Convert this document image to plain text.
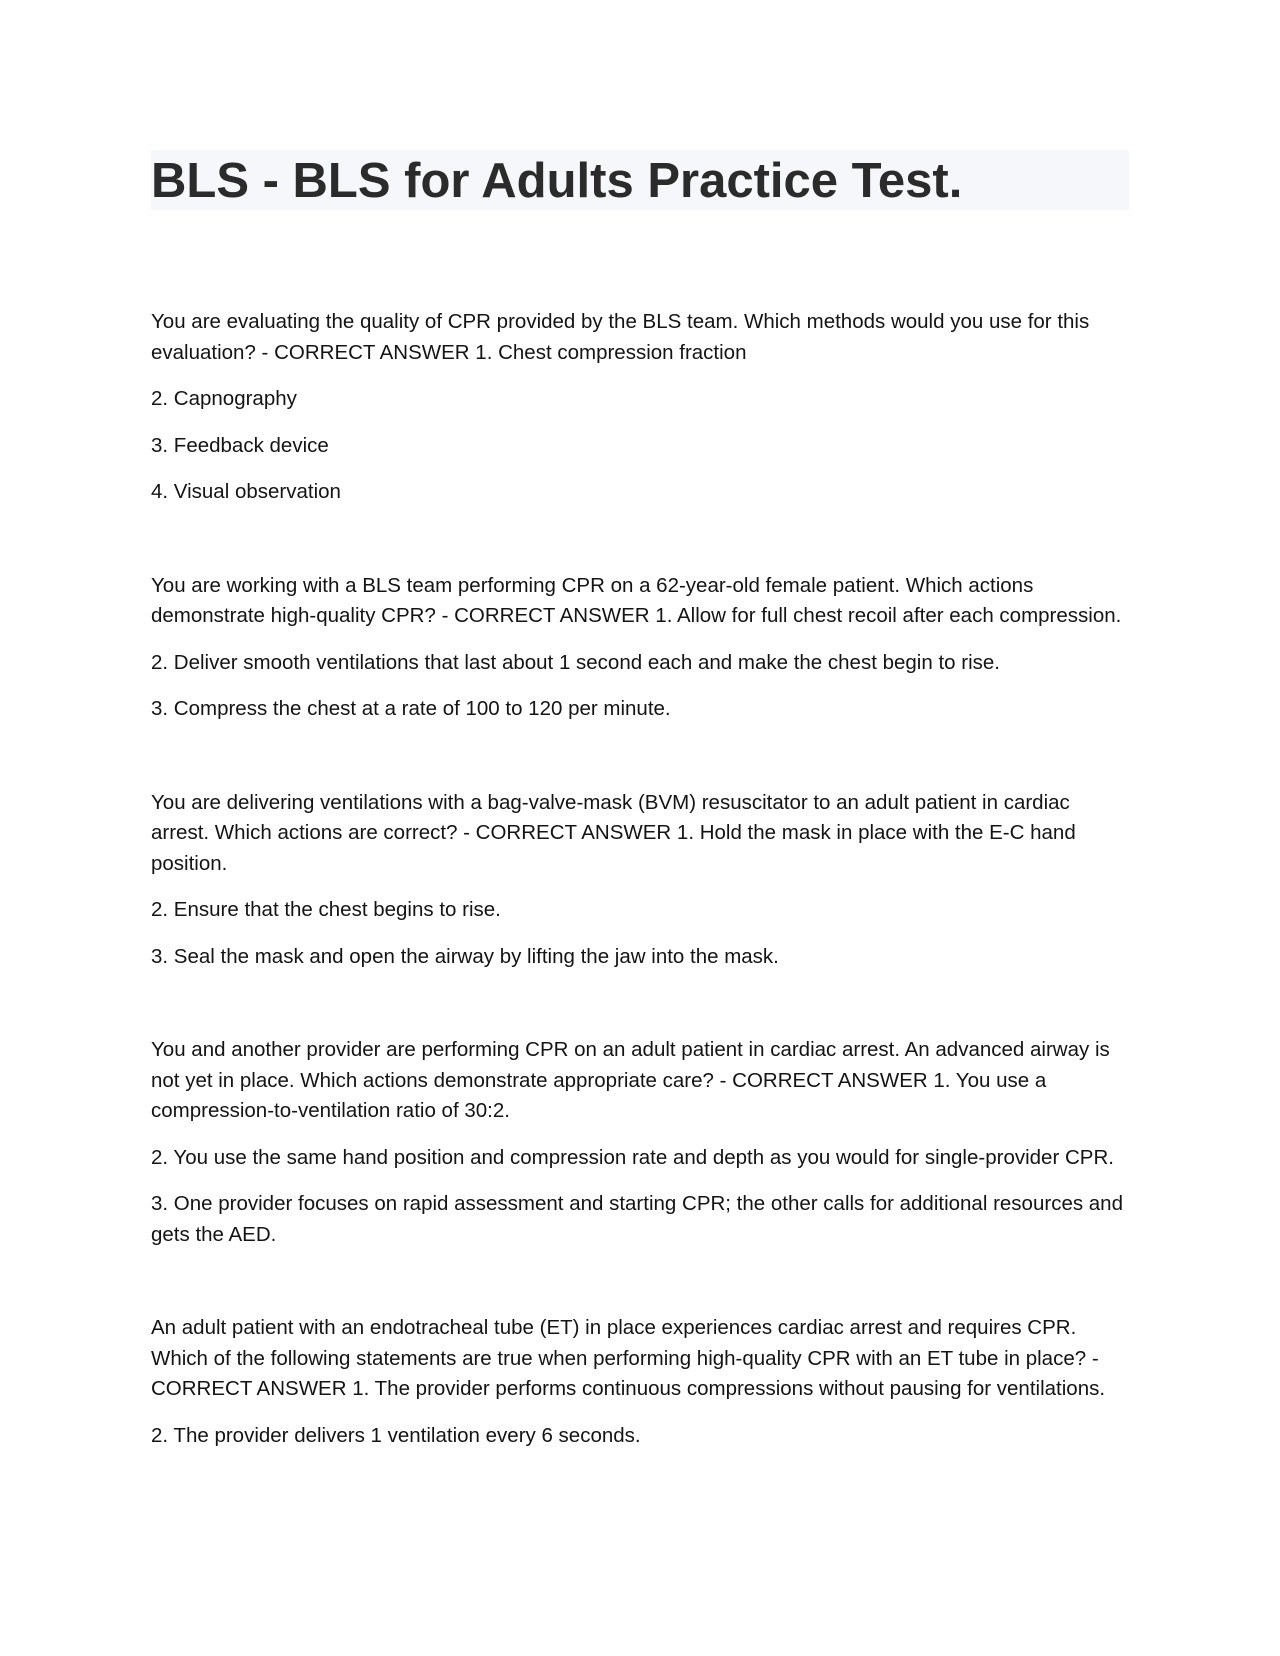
BLS - BLS for Adults Practice Test.

You are evaluating the quality of CPR provided by the BLS team. Which methods would you use for this evaluation? - CORRECT ANSWER 1. Chest compression fraction

2. Capnography

3. Feedback device

4. Visual observation

You are working with a BLS team performing CPR on a 62-year-old female patient. Which actions demonstrate high-quality CPR? - CORRECT ANSWER 1. Allow for full chest recoil after each compression.

2. Deliver smooth ventilations that last about 1 second each and make the chest begin to rise.

3. Compress the chest at a rate of 100 to 120 per minute.

You are delivering ventilations with a bag-valve-mask (BVM) resuscitator to an adult patient in cardiac arrest. Which actions are correct? - CORRECT ANSWER 1. Hold the mask in place with the E-C hand position.

2. Ensure that the chest begins to rise.

3. Seal the mask and open the airway by lifting the jaw into the mask.

You and another provider are performing CPR on an adult patient in cardiac arrest. An advanced airway is not yet in place. Which actions demonstrate appropriate care? - CORRECT ANSWER 1. You use a compression-to-ventilation ratio of 30:2.

2. You use the same hand position and compression rate and depth as you would for single-provider CPR.

3. One provider focuses on rapid assessment and starting CPR; the other calls for additional resources and gets the AED.

An adult patient with an endotracheal tube (ET) in place experiences cardiac arrest and requires CPR. Which of the following statements are true when performing high-quality CPR with an ET tube in place? - CORRECT ANSWER 1. The provider performs continuous compressions without pausing for ventilations.

2. The provider delivers 1 ventilation every 6 seconds.
